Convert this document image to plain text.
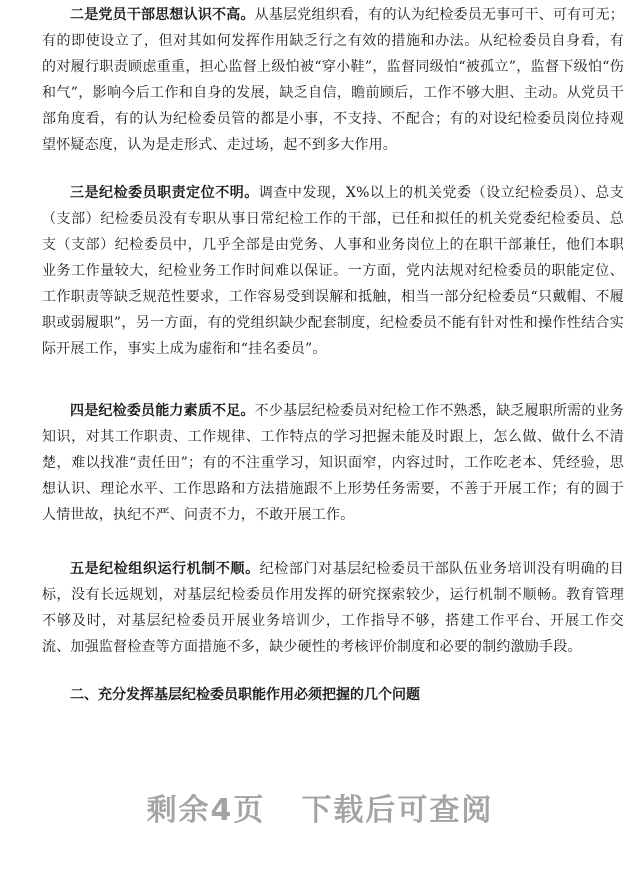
二是党员干部思想认识不高。从基层党组织看，有的认为纪检委员无事可干、可有可无；有的即使设立了，但对其如何发挥作用缺乏行之有效的措施和办法。从纪检委员自身看，有的对履行职责顾虑重重，担心监督上级怕被“穿小鞋”，监督同级怕“被孤立”，监督下级怕“伤和气”，影响今后工作和自身的发展，缺乏自信，瞻前顾后，工作不够大胆、主动。从党员干部角度看，有的认为纪检委员管的都是小事，不支持、不配合；有的对设纪检委员岗位持观望怀疑态度，认为是走形式、走过场，起不到多大作用。

三是纪检委员职责定位不明。调查中发现，X%以上的机关党委（设立纪检委员）、总支（支部）纪检委员没有专职从事日常纪检工作的干部，已任和拟任的机关党委纪检委员、总支（支部）纪检委员中，几乎全部是由党务、人事和业务岗位上的在职干部兼任，他们本职业务工作量较大，纪检业务工作时间难以保证。一方面，党内法规对纪检委员的职能定位、工作职责等缺乏规范性要求，工作容易受到误解和抵触，相当一部分纪检委员“只戴帽、不履职或弱履职”，另一方面，有的党组织缺少配套制度，纪检委员不能有针对性和操作性结合实际开展工作，事实上成为虚衔和“挂名委员”。

四是纪检委员能力素质不足。不少基层纪检委员对纪检工作不熟悉，缺乏履职所需的业务知识，对其工作职责、工作规律、工作特点的学习把握未能及时跟上，怎么做、做什么不清楚，难以找准“责任田”；有的不注重学习，知识面窄，内容过时，工作吃老本、凭经验，思想认识、理论水平、工作思路和方法措施跟不上形势任务需要，不善于开展工作；有的圆于人情世故，执纪不严、问责不力，不敢开展工作。

五是纪检组织运行机制不顺。纪检部门对基层纪检委员干部队伍业务培训没有明确的目标，没有长远规划，对基层纪检委员作用发挥的研究探索较少，运行机制不顺畅。教育管理不够及时，对基层纪检委员开展业务培训少，工作指导不够，搭建工作平台、开展工作交流、加强监督检查等方面措施不多，缺少硬性的考核评价制度和必要的制约激励手段。

二、充分发挥基层纪检委员职能作用必须把握的几个问题

剩余4页 下载后可查阅
